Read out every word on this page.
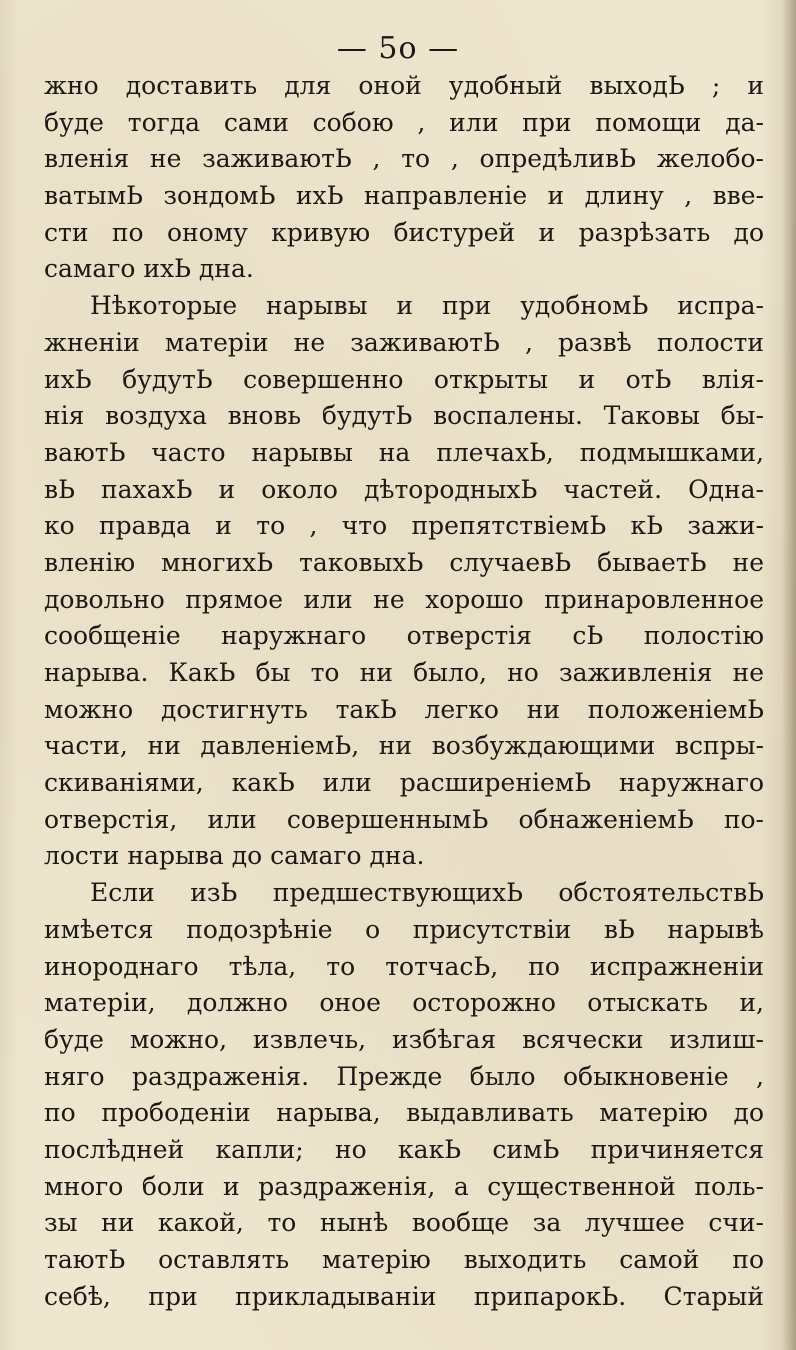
— 5o —
жно доставить для оной удобный выходЬ ; и
буде тогда сами собою , или при помощи да-
вленія не заживаютЬ , то , опредѣливЬ желобо-
ватымЬ зондомЬ ихЬ направленіе и длину , вве-
сти по оному кривую бистурей и разрѣзать до
самаго ихЬ дна.
Нѣкоторые нарывы и при удобномЬ испра-
жненіи матеріи не заживаютЬ , развѣ полости
ихЬ будутЬ совершенно открыты и отЬ влія-
нія воздуха вновь будутЬ воспалены. Таковы бы-
ваютЬ часто нарывы на плечахЬ, подмышками,
вЬ пахахЬ и около дѣтородныхЬ частей. Одна-
ко правда и то , что препятствіемЬ кЬ зажи-
вленію многихЬ таковыхЬ случаевЬ бываетЬ не
довольно прямое или не хорошо принаровленное
сообщеніе наружнаго отверстія сЬ полостію
нарыва. КакЬ бы то ни было, но заживленія не
можно достигнуть такЬ легко ни положеніемЬ
части, ни давленіемЬ, ни возбуждающими вспры-
скиваніями, какЬ или расширеніемЬ наружнаго
отверстія, или совершеннымЬ обнаженіемЬ по-
лости нарыва до самаго дна.
Если изЬ предшествующихЬ обстоятельствЬ
имѣется подозрѣніе о присутствіи вЬ нарывѣ
инороднаго тѣла, то тотчасЬ, по испражненіи
матеріи, должно оное осторожно отыскать и,
буде можно, извлечь, избѣгая всячески излиш-
няго раздраженія. Прежде было обыкновеніе ,
по прободеніи нарыва, выдавливать матерію до
послѣдней капли; но какЬ симЬ причиняется
много боли и раздраженія, а существенной поль-
зы ни какой, то нынѣ вообще за лучшее счи-
таютЬ оставлять матерію выходить самой по
себѣ, при прикладываніи припарокЬ. Старый
